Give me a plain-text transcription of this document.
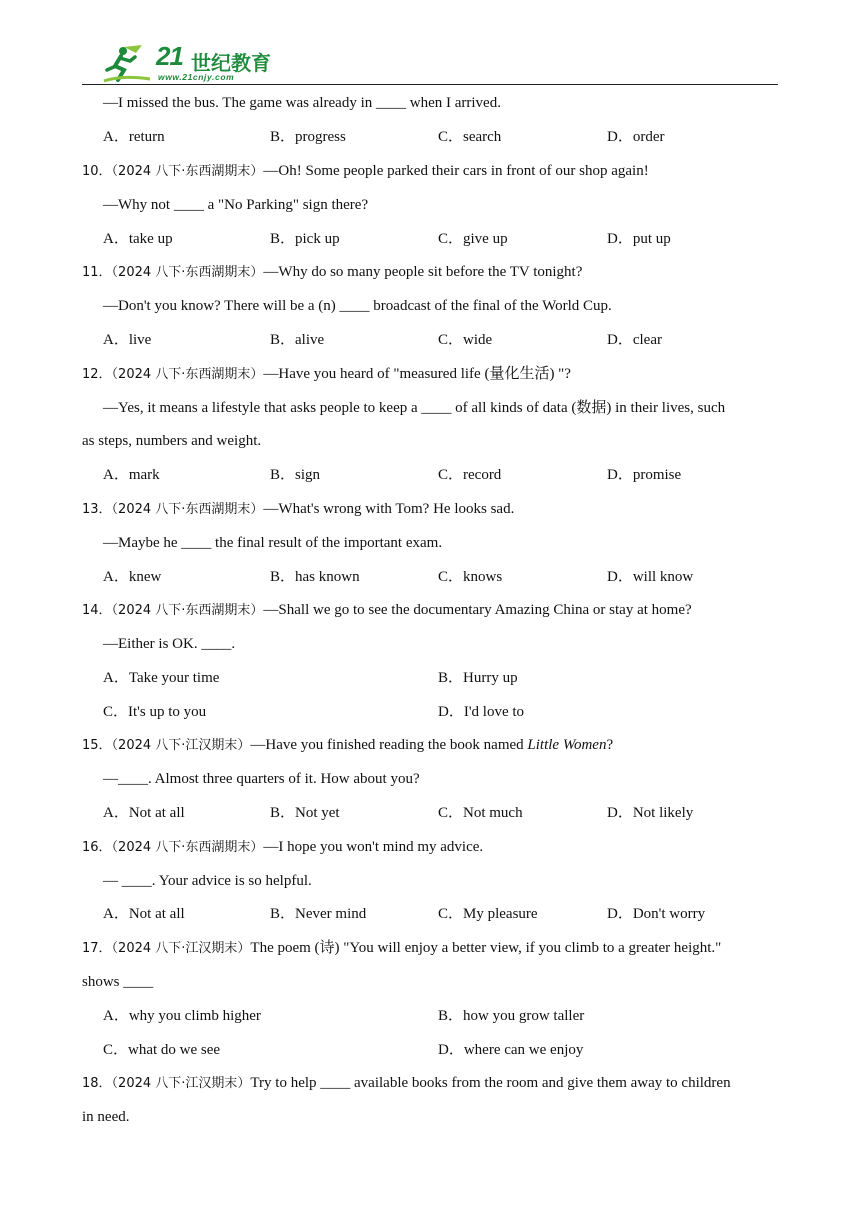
21 世纪教育
www.21cnjy.com
—I missed the bus. The game was already in ____ when I arrived.
A．return	B．progress	C．search	D．order
10．（2024 八下·东西湖期末）—Oh! Some people parked their cars in front of our shop again!
—Why not ____ a "No Parking" sign there?
A．take up	B．pick up	C．give up	D．put up
11．（2024 八下·东西湖期末）—Why do so many people sit before the TV tonight?
—Don't you know? There will be a (n) ____ broadcast of the final of the World Cup.
A．live	B．alive	C．wide	D．clear
12．（2024 八下·东西湖期末）—Have you heard of "measured life (量化生活) "?
—Yes, it means a lifestyle that asks people to keep a ____ of all kinds of data (数据) in their lives, such
as steps, numbers and weight.
A．mark	B．sign	C．record	D．promise
13．（2024 八下·东西湖期末）—What's wrong with Tom? He looks sad.
—Maybe he ____ the final result of the important exam.
A．knew	B．has known	C．knows	D．will know
14．（2024 八下·东西湖期末）—Shall we go to see the documentary Amazing China or stay at home?
—Either is OK. ____.
A．Take your time	B．Hurry up
C．It's up to you	D．I'd love to
15．（2024 八下·江汉期末）—Have you finished reading the book named Little Women?
—____. Almost three quarters of it. How about you?
A．Not at all	B．Not yet	C．Not much	D．Not likely
16．（2024 八下·东西湖期末）—I hope you won't mind my advice.
— ____. Your advice is so helpful.
A．Not at all	B．Never mind	C．My pleasure	D．Don't worry
17．（2024 八下·江汉期末）The poem (诗) "You will enjoy a better view, if you climb to a greater height."
shows ____
A．why you climb higher	B．how you grow taller
C．what do we see	D．where can we enjoy
18．（2024 八下·江汉期末）Try to help ____ available books from the room and give them away to children
in need.
